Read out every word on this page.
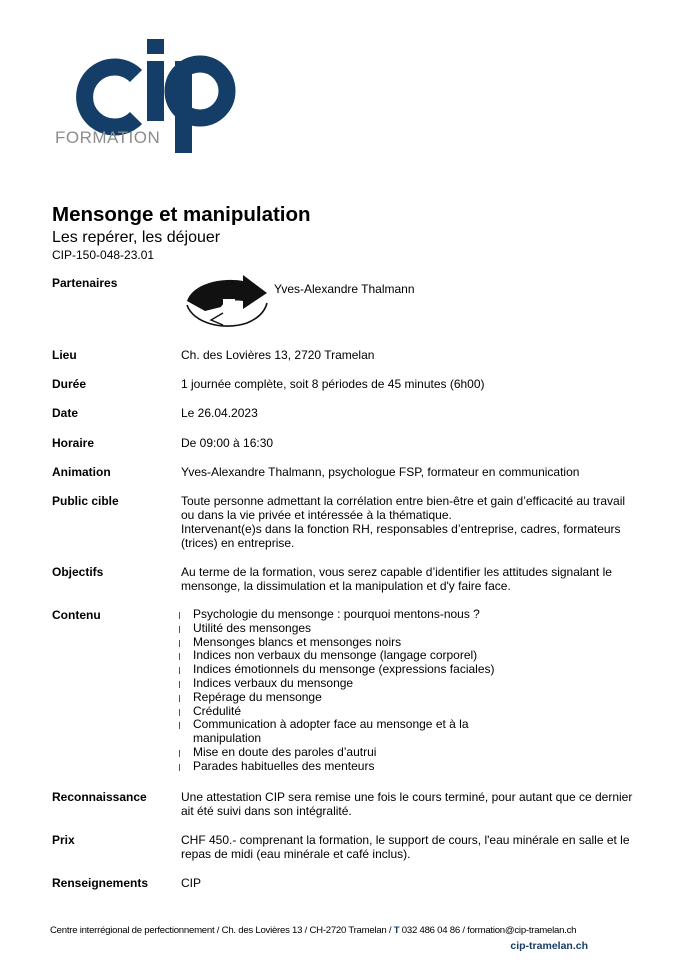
FORMATION
Mensonge et manipulation
Les repérer, les déjouer
CIP-150-048-23.01
Partenaires	Yves-Alexandre Thalmann
Lieu	Ch. des Lovières 13, 2720 Tramelan
Durée	1 journée complète, soit 8 périodes de 45 minutes (6h00)
Date	Le 26.04.2023
Horaire	De 09:00 à 16:30
Animation	Yves-Alexandre Thalmann, psychologue FSP, formateur en communication
Public cible	Toute personne admettant la corrélation entre bien-être et gain d’efficacité au travail ou dans la vie privée et intéressée à la thématique.
Intervenant(e)s dans la fonction RH, responsables d’entreprise, cadres, formateurs (trices) en entreprise.
Objectifs	Au terme de la formation, vous serez capable d’identifier les attitudes signalant le mensonge, la dissimulation et la manipulation et d'y faire face.
Contenu	Psychologie du mensonge : pourquoi mentons-nous ?
Utilité des mensonges
Mensonges blancs et mensonges noirs
Indices non verbaux du mensonge (langage corporel)
Indices émotionnels du mensonge (expressions faciales)
Indices verbaux du mensonge
Repérage du mensonge
Crédulité
Communication à adopter face au mensonge et à la manipulation
Mise en doute des paroles d’autrui
Parades habituelles des menteurs
Reconnaissance	Une attestation CIP sera remise une fois le cours terminé, pour autant que ce dernier ait été suivi dans son intégralité.
Prix	CHF 450.- comprenant la formation, le support de cours, l'eau minérale en salle et le repas de midi (eau minérale et café inclus).
Renseignements	CIP
Centre interrégional de perfectionnement / Ch. des Lovières 13 / CH-2720 Tramelan / T 032 486 04 86 / formation@cip-tramelan.ch
cip-tramelan.ch
